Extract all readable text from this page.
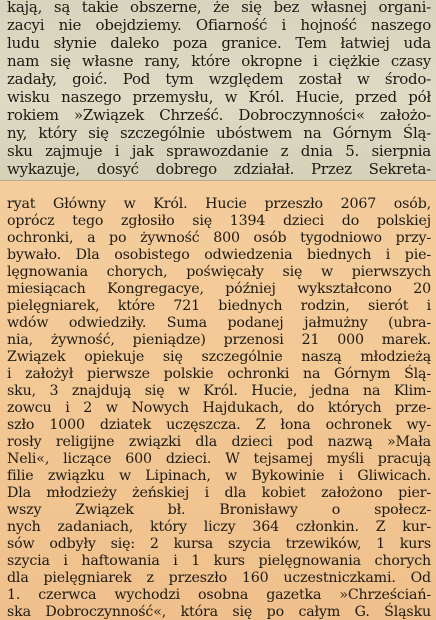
kają, są takie obszerne, że się bez własnej organi-
zacyi nie obejdziemy. Ofiarność i hojność naszego
ludu słynie daleko poza granice. Tem łatwiej uda
nam się własne rany, które okropne i ciężkie czasy
zadały, goić. Pod tym względem został w środo-
wisku naszego przemysłu, w Król. Hucie, przed pół
rokiem »Związek Chrześć. Dobroczynności« założo-
ny, który się szczególnie ubóstwem na Górnym Ślą-
sku zajmuje i jak sprawozdanie z dnia 5. sierpnia
wykazuje, dosyć dobrego zdziałał. Przez Sekreta-
ryat Główny w Król. Hucie przeszło 2067 osób,
oprócz tego zgłosiło się 1394 dzieci do polskiej
ochronki, a po żywność 800 osób tygodniowo przy-
bywało. Dla osobistego odwiedzenia biednych i pie-
lęgnowania chorych, poświęcały się w pierwszych
miesiącach Kongregacye, później wykształcono 20
pielęgniarek, które 721 biednych rodzin, sierót i
wdów odwiedziły. Suma podanej jałmużny (ubra-
nia, żywność, pieniądze) przenosi 21 000 marek.
Związek opiekuje się szczególnie naszą młodzieżą
i założył pierwsze polskie ochronki na Górnym Ślą-
sku, 3 znajdują się w Król. Hucie, jedna na Klim-
zowcu i 2 w Nowych Hajdukach, do których prze-
szło 1000 dziatek uczęszcza. Z łona ochronek wy-
rosły religijne związki dla dzieci pod nazwą »Mała
Neli«, liczące 600 dzieci. W tejsamej myśli pracują
filie związku w Lipinach, w Bykowinie i Gliwicach.
Dla młodzieży żeńskiej i dla kobiet założono pier-
wszy Związek bł. Bronisławy o społecz-
nych zadaniach, który liczy 364 członkin. Z kur-
sów odbyły się: 2 kursa szycia trzewików, 1 kurs
szycia i haftowania i 1 kurs pielęgnowania chorych
dla pielęgniarek z przeszło 160 uczestniczkami. Od
1. czerwca wychodzi osobna gazetka »Chrześciań-
ska Dobroczynność«, która się po całym G. Śląsku
